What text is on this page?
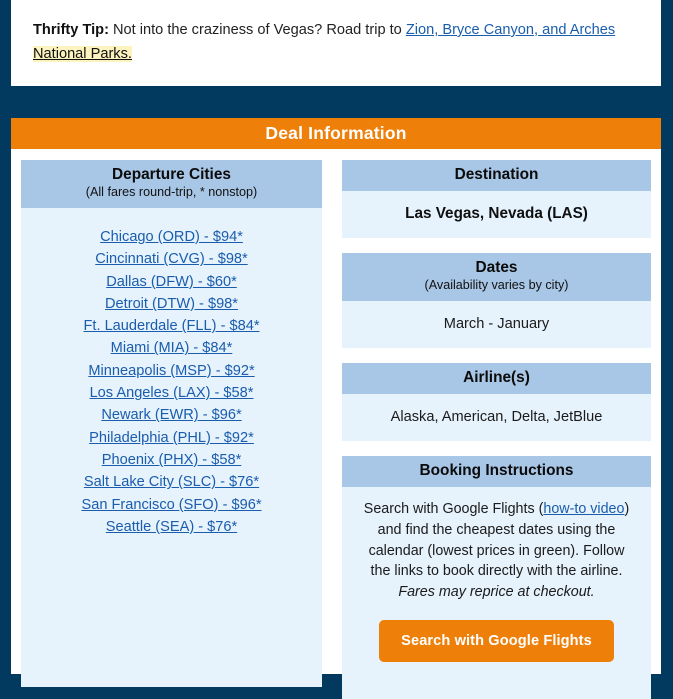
Thrifty Tip: Not into the craziness of Vegas? Road trip to Zion, Bryce Canyon, and Arches National Parks.
Deal Information
Departure Cities
(All fares round-trip, * nonstop)
Chicago (ORD) - $94*
Cincinnati (CVG) - $98*
Dallas (DFW) - $60*
Detroit (DTW) - $98*
Ft. Lauderdale (FLL) - $84*
Miami (MIA) - $84*
Minneapolis (MSP) - $92*
Los Angeles (LAX) - $58*
Newark (EWR) - $96*
Philadelphia (PHL) - $92*
Phoenix (PHX) - $58*
Salt Lake City (SLC) - $76*
San Francisco (SFO) - $96*
Seattle (SEA) - $76*
Destination
Las Vegas, Nevada (LAS)
Dates
(Availability varies by city)
March - January
Airline(s)
Alaska, American, Delta, JetBlue
Booking Instructions
Search with Google Flights (how-to video) and find the cheapest dates using the calendar (lowest prices in green). Follow the links to book directly with the airline. Fares may reprice at checkout.
Search with Google Flights
